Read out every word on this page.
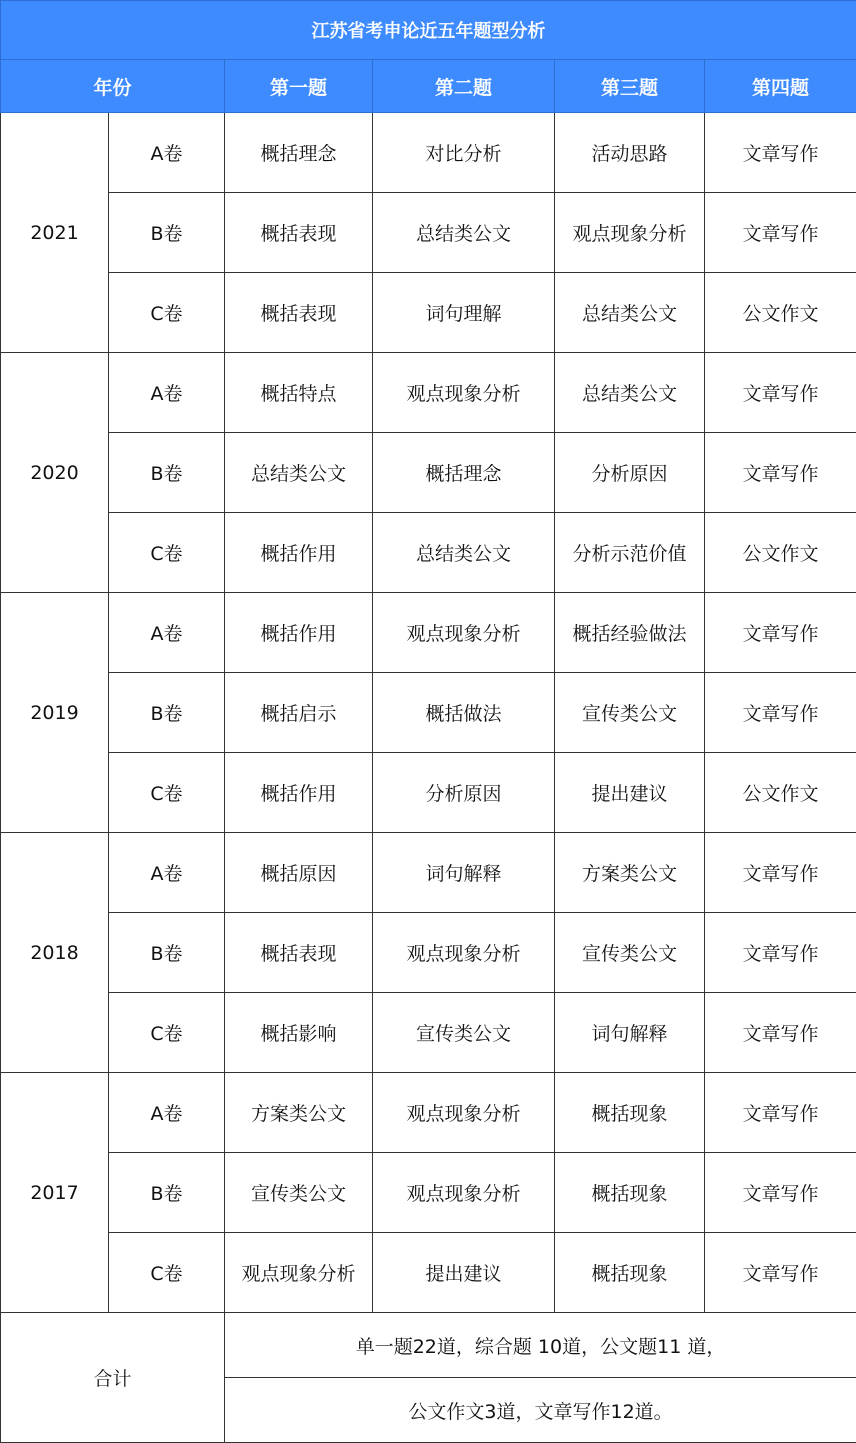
江苏省考申论近五年题型分析					
年份		第一题	第二题	第三题	第四题
2021	A卷	概括理念	对比分析	活动思路	文章写作
	B卷	概括表现	总结类公文	观点现象分析	文章写作
	C卷	概括表现	词句理解	总结类公文	公文作文
2020	A卷	概括特点	观点现象分析	总结类公文	文章写作
	B卷	总结类公文	概括理念	分析原因	文章写作
	C卷	概括作用	总结类公文	分析示范价值	公文作文
2019	A卷	概括作用	观点现象分析	概括经验做法	文章写作
	B卷	概括启示	概括做法	宣传类公文	文章写作
	C卷	概括作用	分析原因	提出建议	公文作文
2018	A卷	概括原因	词句解释	方案类公文	文章写作
	B卷	概括表现	观点现象分析	宣传类公文	文章写作
	C卷	概括影响	宣传类公文	词句解释	文章写作
2017	A卷	方案类公文	观点现象分析	概括现象	文章写作
	B卷	宣传类公文	观点现象分析	概括现象	文章写作
	C卷	观点现象分析	提出建议	概括现象	文章写作
合计		单一题22道，综合题 10道，公文题11 道，			
		公文作文3道，文章写作12道。			
